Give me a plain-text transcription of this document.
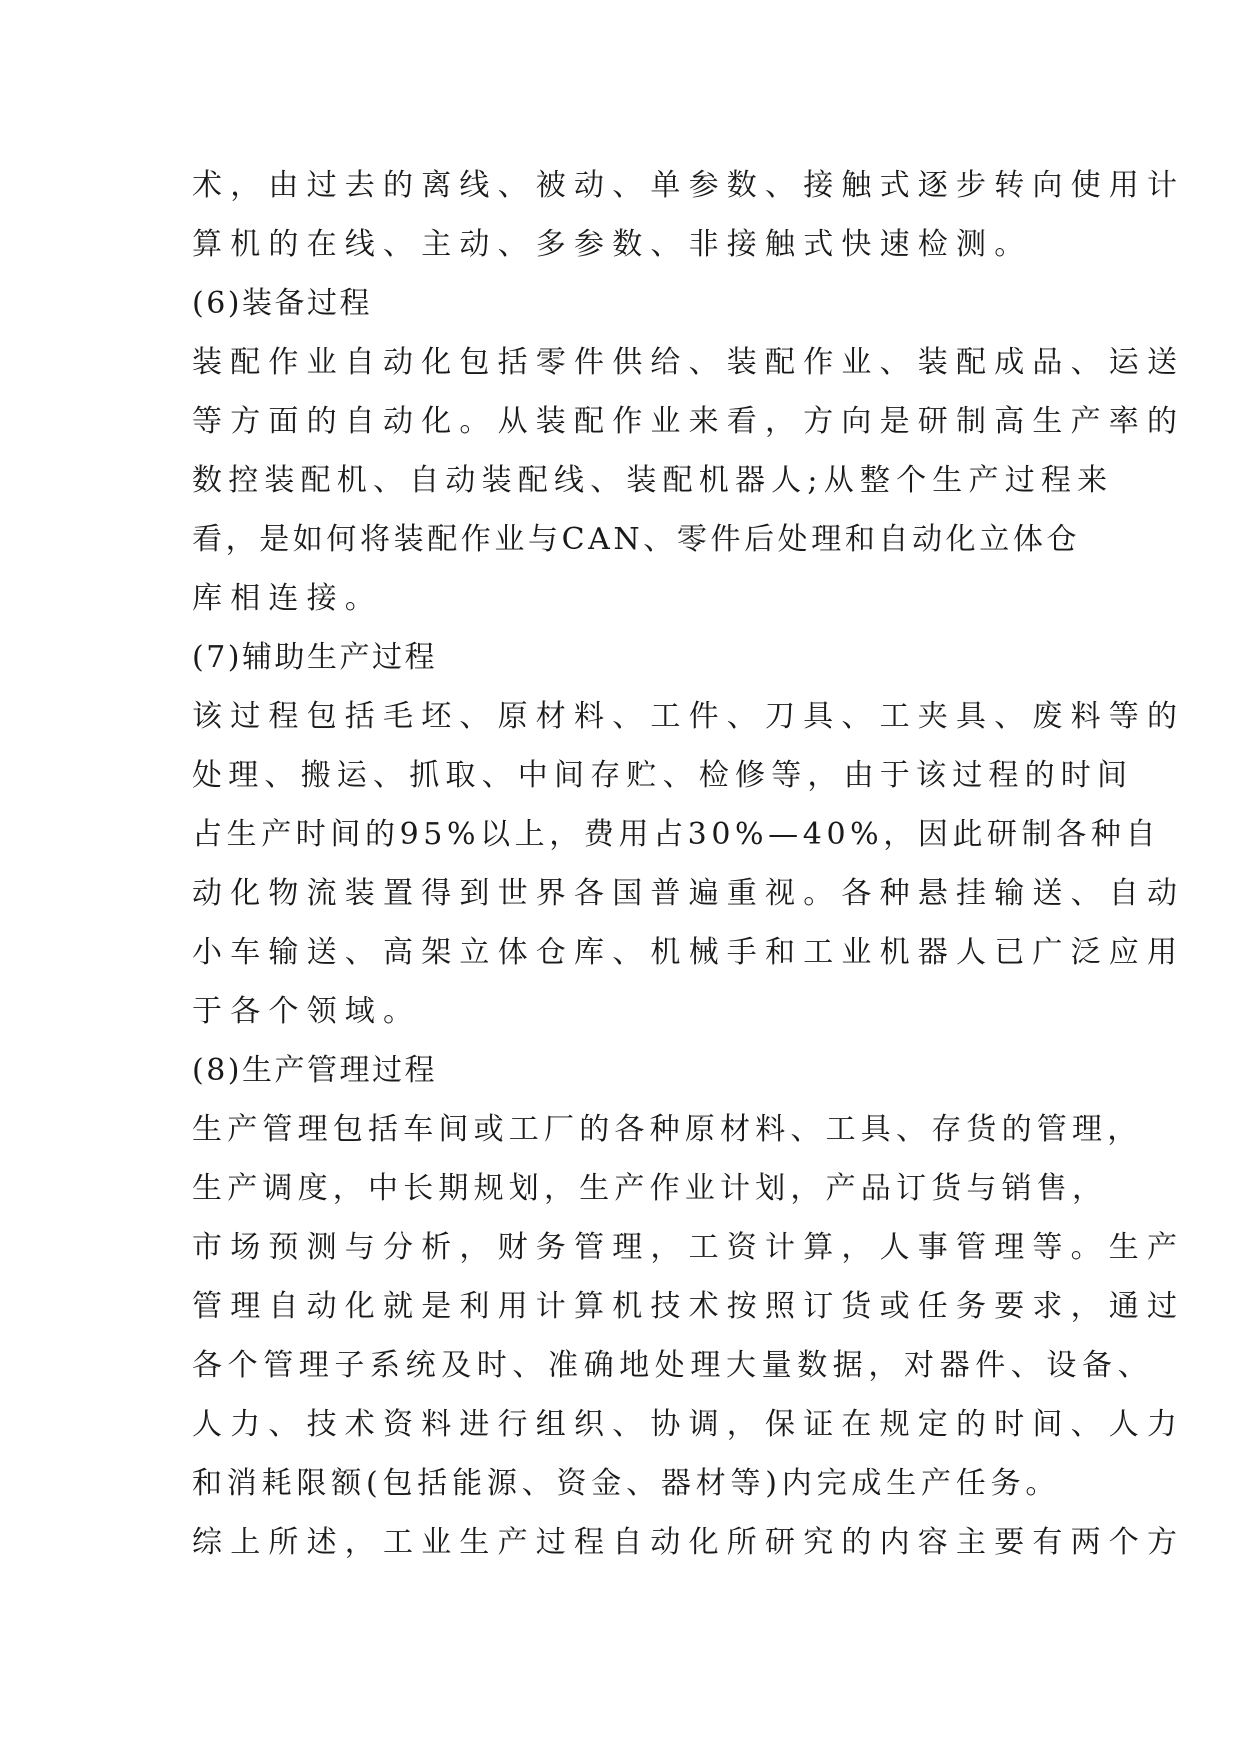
术，由过去的离线、被动、单参数、接触式逐步转向使用计
算机的在线、主动、多参数、非接触式快速检测。
(6)装备过程
装配作业自动化包括零件供给、装配作业、装配成品、运送
等方面的自动化。从装配作业来看，方向是研制高生产率的
数控装配机、自动装配线、装配机器人;从整个生产过程来
看，是如何将装配作业与CAN、零件后处理和自动化立体仓
库相连接。
(7)辅助生产过程
该过程包括毛坯、原材料、工件、刀具、工夹具、废料等的
处理、搬运、抓取、中间存贮、检修等，由于该过程的时间
占生产时间的95%以上，费用占30%—40%，因此研制各种自
动化物流装置得到世界各国普遍重视。各种悬挂输送、自动
小车输送、高架立体仓库、机械手和工业机器人已广泛应用
于各个领域。
(8)生产管理过程
生产管理包括车间或工厂的各种原材料、工具、存货的管理，
生产调度，中长期规划，生产作业计划，产品订货与销售，
市场预测与分析，财务管理，工资计算，人事管理等。生产
管理自动化就是利用计算机技术按照订货或任务要求，通过
各个管理子系统及时、准确地处理大量数据，对器件、设备、
人力、技术资料进行组织、协调，保证在规定的时间、人力
和消耗限额(包括能源、资金、器材等)内完成生产任务。
综上所述，工业生产过程自动化所研究的内容主要有两个方
